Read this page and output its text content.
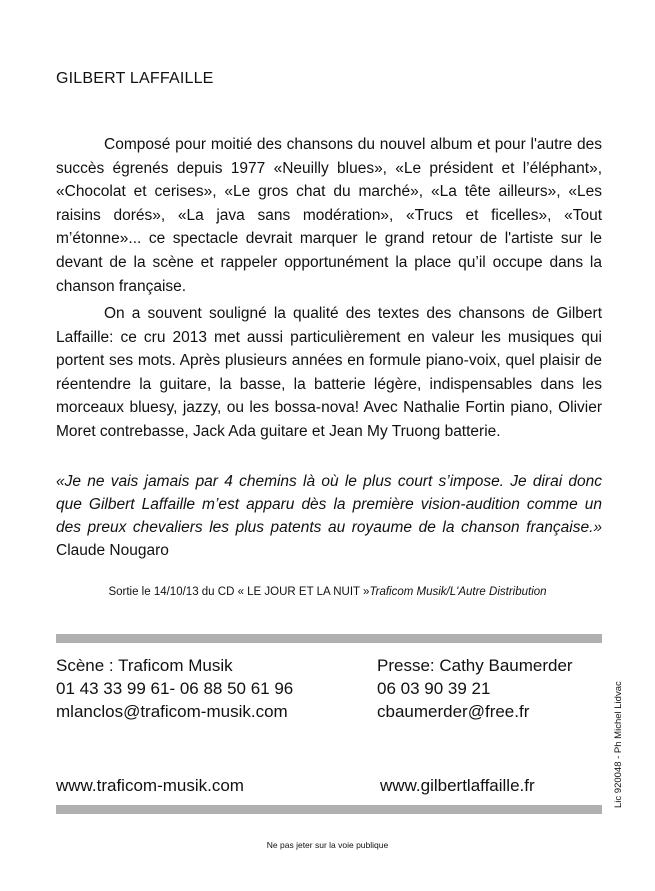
GILBERT LAFFAILLE

Composé pour moitié des chansons du nouvel album et pour l'autre des succès égrenés depuis 1977 «Neuilly blues», «Le président et l’éléphant», «Chocolat et cerises», «Le gros chat du marché», «La tête ailleurs», «Les raisins dorés», «La java sans modération», «Trucs et ficelles», «Tout m’étonne»... ce spectacle devrait marquer le grand retour de l'artiste sur le devant de la scène et rappeler opportunément la place qu’il occupe dans la chanson française.

On a souvent souligné la qualité des textes des chansons de Gilbert Laffaille: ce cru 2013 met aussi particulièrement en valeur les musiques qui portent ses mots. Après plusieurs années en formule piano-voix, quel plaisir de réentendre la guitare, la basse, la batterie légère, indispensables dans les morceaux bluesy, jazzy, ou les bossa-nova! Avec Nathalie Fortin piano, Olivier Moret contrebasse, Jack Ada guitare et Jean My Truong batterie.

«Je ne vais jamais par 4 chemins là où le plus court s’impose. Je dirai donc que Gilbert Laffaille m’est apparu dès la première vision-audition comme un des preux chevaliers les plus patents au royaume de la chanson française.» Claude Nougaro

Sortie le 14/10/13 du CD « LE JOUR ET LA NUIT »Traficom Musik/L'Autre Distribution

Scène : Traficom Musik
01 43 33 99 61- 06 88 50 61 96
mlanclos@traficom-musik.com
Presse: Cathy Baumerder
06 03 90 39 21
cbaumerder@free.fr
www.traficom-musik.com	www.gilbertlaffaille.fr	Lic 920048 - Ph Michel Lidvac
Ne pas jeter sur la voie publique
